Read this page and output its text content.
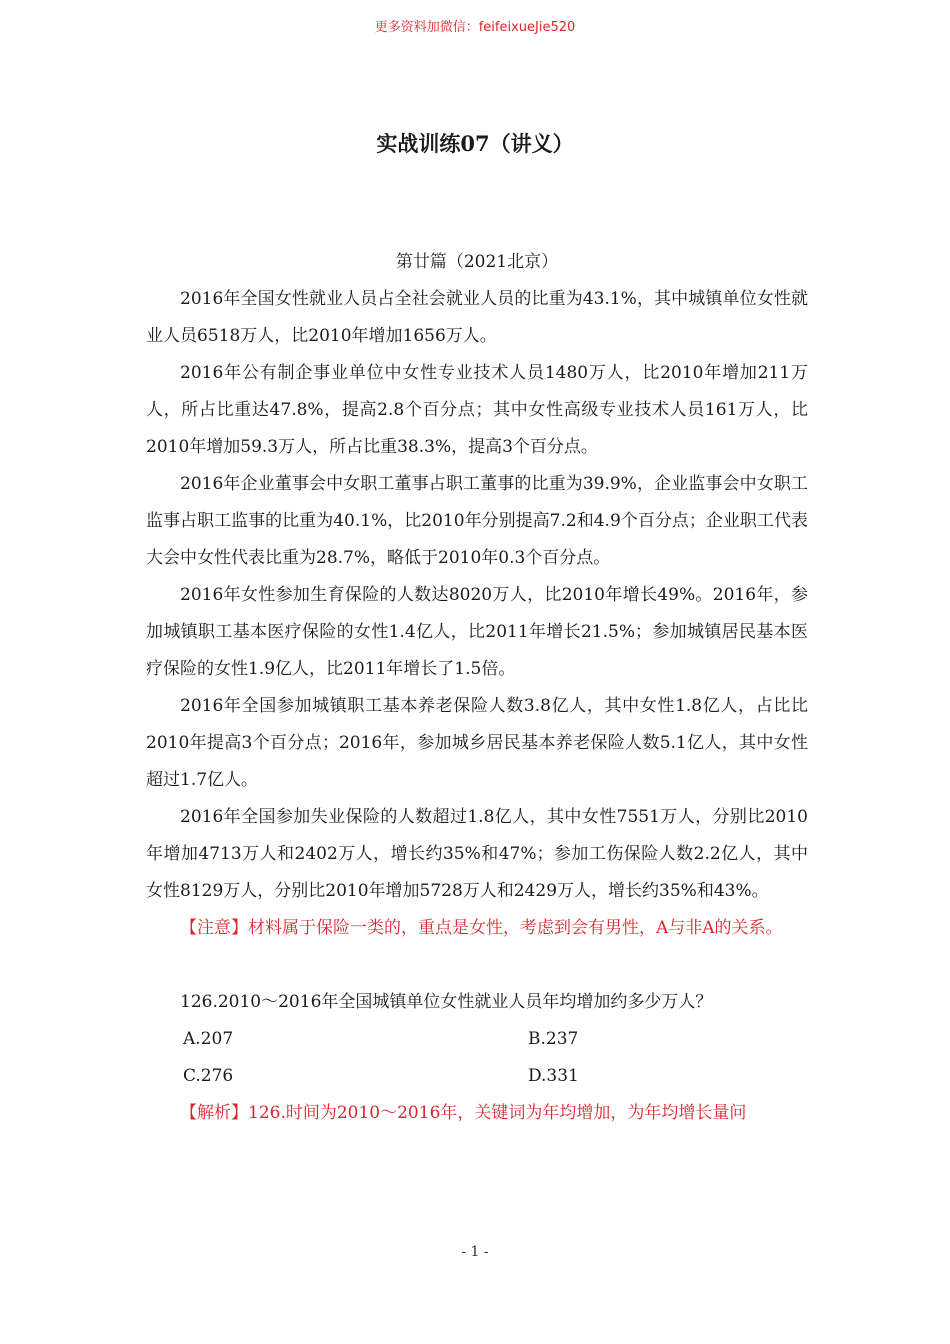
更多资料加微信：feifeixueJie520
实战训练07（讲义）

第廿篇（2021北京）

2016年全国女性就业人员占全社会就业人员的比重为43.1%，其中城镇单位女性就业人员6518万人，比2010年增加1656万人。

2016年公有制企事业单位中女性专业技术人员1480万人，比2010年增加211万人，所占比重达47.8%，提高2.8个百分点；其中女性高级专业技术人员161万人，比2010年增加59.3万人，所占比重38.3%，提高3个百分点。

2016年企业董事会中女职工董事占职工董事的比重为39.9%，企业监事会中女职工监事占职工监事的比重为40.1%，比2010年分别提高7.2和4.9个百分点；企业职工代表大会中女性代表比重为28.7%，略低于2010年0.3个百分点。

2016年女性参加生育保险的人数达8020万人，比2010年增长49%。2016年，参加城镇职工基本医疗保险的女性1.4亿人，比2011年增长21.5%；参加城镇居民基本医疗保险的女性1.9亿人，比2011年增长了1.5倍。

2016年全国参加城镇职工基本养老保险人数3.8亿人，其中女性1.8亿人，占比比2010年提高3个百分点；2016年，参加城乡居民基本养老保险人数5.1亿人，其中女性超过1.7亿人。

2016年全国参加失业保险的人数超过1.8亿人，其中女性7551万人，分别比2010年增加4713万人和2402万人，增长约35%和47%；参加工伤保险人数2.2亿人，其中女性8129万人，分别比2010年增加5728万人和2429万人，增长约35%和43%。

【注意】材料属于保险一类的，重点是女性，考虑到会有男性，A与非A的关系。

126.2010～2016年全国城镇单位女性就业人员年均增加约多少万人？

A.207	B.237
C.276	D.331

【解析】126.时间为2010～2016年，关键词为年均增加，为年均增长量问

- 1 -
